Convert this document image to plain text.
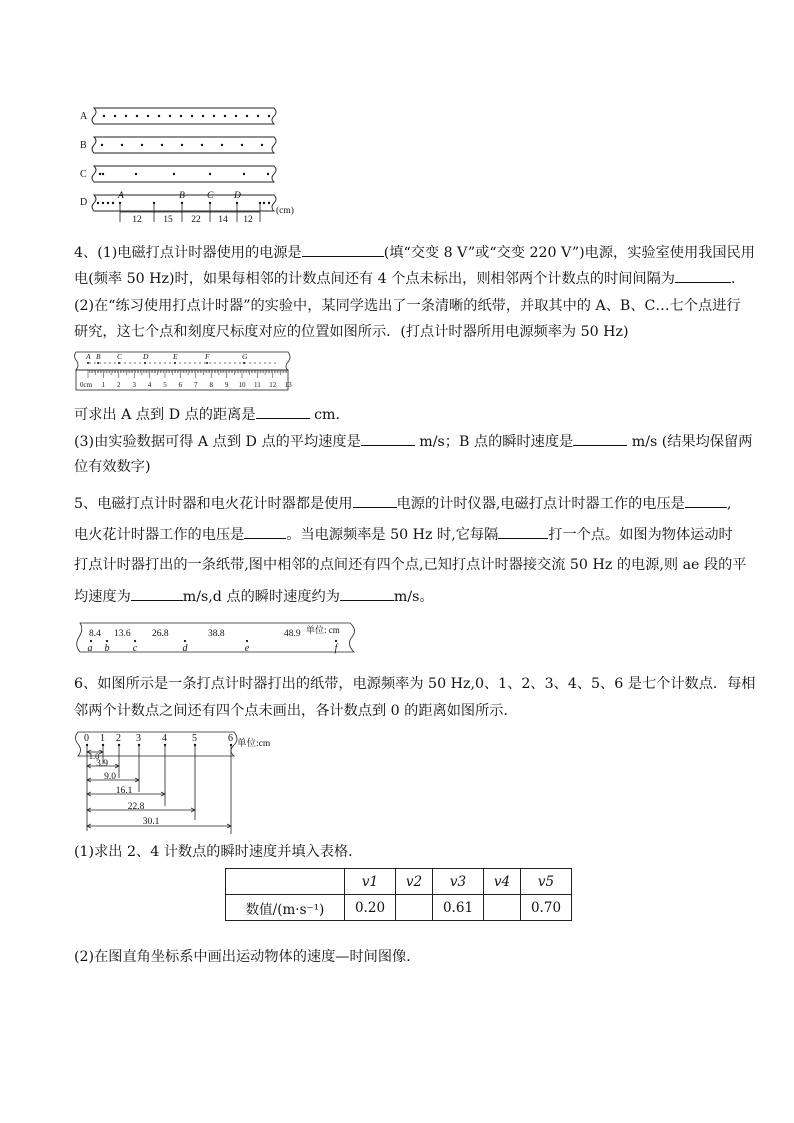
A
B
C
D
A	B C D
12 15 22 14 12
(cm)
4、(1)电磁打点计时器使用的电源是	(填“交变 8 V”或“交变 220 V”)电源，实验室使用我国民用
电(频率 50 Hz)时，如果每相邻的计数点间还有 4 个点未标出，则相邻两个计数点的时间间隔为	.
(2)在“练习使用打点计时器”的实验中，某同学选出了一条清晰的纸带，并取其中的 A、B、C…七个点进行
研究，这七个点和刻度尺标度对应的位置如图所示．(打点计时器所用电源频率为 50 Hz)
A B C	D	E	F	G
0cm 1 2 3 4 5 6 7 8 9 10 11 12 13
可求出 A 点到 D 点的距离是	cm.
(3)由实验数据可得 A 点到 D 点的平均速度是	m/s；B 点的瞬时速度是	m/s (结果均保留两
位有效数字)
5、电磁打点计时器和电火花计时器都是使用	电源的计时仪器,电磁打点计时器工作的电压是	,
电火花计时器工作的电压是	。当电源频率是 50 Hz 时,它每隔	打一个点。如图为物体运动时
打点计时器打出的一条纸带,图中相邻的点间还有四个点,已知打点计时器接交流 50 Hz 的电源,则 ae 段的平
均速度为	m/s,d 点的瞬时速度约为	m/s。
8.4 13.6 26.8	38.8	48.9 单位: cm
a b c	d	e	f
6、如图所示是一条打点计时器打出的纸带，电源频率为 50 Hz,0、1、2、3、4、5、6 是七个计数点．每相
邻两个计数点之间还有四个点未画出，各计数点到 0 的距离如图所示．
0 1 2 3 4	5	6 单位:cm
1.0
3.9
9.0
16.1
22.8
30.1
(1)求出 2、4 计数点的瞬时速度并填入表格．
	v1	v2	v3	v4	v5
数值/(m·s⁻¹)	0.20		0.61		0.70
(2)在图直角坐标系中画出运动物体的速度—时间图像．
